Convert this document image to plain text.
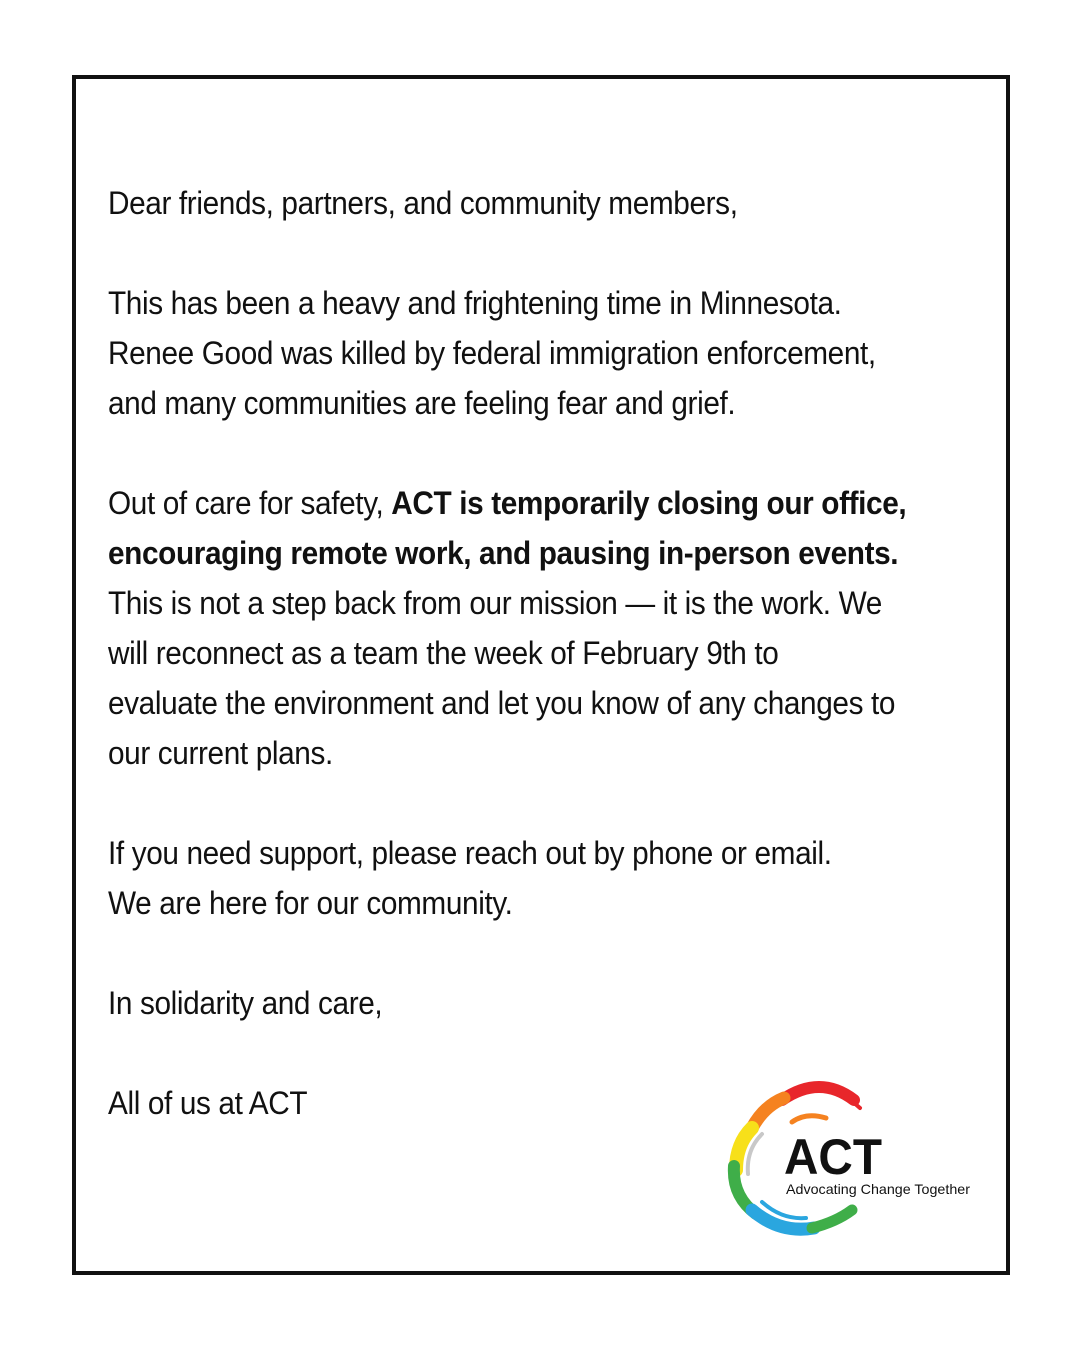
Dear friends, partners, and community members,

This has been a heavy and frightening time in Minnesota.
Renee Good was killed by federal immigration enforcement,
and many communities are feeling fear and grief.

Out of care for safety, ACT is temporarily closing our office,
encouraging remote work, and pausing in-person events.
This is not a step back from our mission — it is the work. We
will reconnect as a team the week of February 9th to
evaluate the environment and let you know of any changes to
our current plans.

If you need support, please reach out by phone or email.
We are here for our community.

In solidarity and care,

All of us at ACT

ACT
Advocating Change Together
